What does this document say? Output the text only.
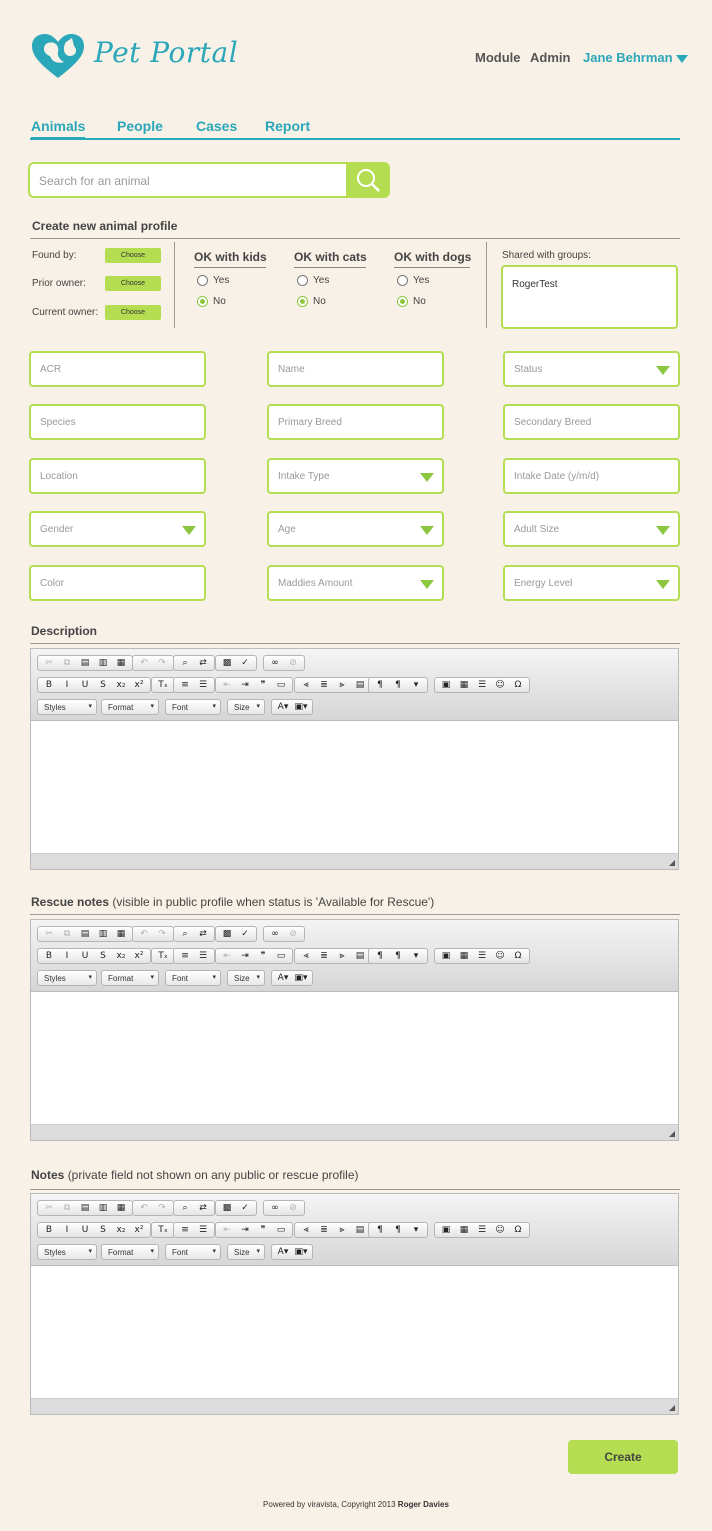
Pet Portal	Module Admin Jane Behrman
Animals People Cases Report
Search for an animal
Create new animal profile
Found by:	Choose
Prior owner:	Choose
Current owner:	Choose
OK with kids
Yes
No
OK with cats
Yes
No
OK with dogs
Yes
No
Shared with groups:
RogerTest
ACR	Name	Status
Species	Primary Breed	Secondary Breed
Location	Intake Type	Intake Date (y/m/d)
Gender	Age	Adult Size
Color	Maddies Amount	Energy Level
Description
Rescue notes (visible in public profile when status is 'Available for Rescue')
Notes (private field not shown on any public or rescue profile)
✂	⧉	▤	▥	▦	↶	↷	⌕	⇄	▩	✓	∞	⊘
B	I	U	S	x₂	x²	Tₓ	≡	☰	⇤	⇥	❞	▭	⫷	≣	⫸	▤	¶	¶	▾	▣	▦	☰	☺	Ω
Styles ▾	Format ▾	Font ▾	Size ▾	A▾ ▣▾
✂	⧉	▤	▥	▦	↶	↷	⌕	⇄	▩	✓	∞	⊘
B	I	U	S	x₂	x²	Tₓ	≡	☰	⇤	⇥	❞	▭	⫷	≣	⫸	▤	¶	¶	▾	▣	▦	☰	☺	Ω
Styles ▾	Format ▾	Font ▾	Size ▾	A▾ ▣▾
✂	⧉	▤	▥	▦	↶	↷	⌕	⇄	▩	✓	∞	⊘
B	I	U	S	x₂	x²	Tₓ	≡	☰	⇤	⇥	❞	▭	⫷	≣	⫸	▤	¶	¶	▾	▣	▦	☰	☺	Ω
Styles ▾	Format ▾	Font ▾	Size ▾	A▾ ▣▾
Create
Powered by viravista, Copyright 2013 Roger Davies
